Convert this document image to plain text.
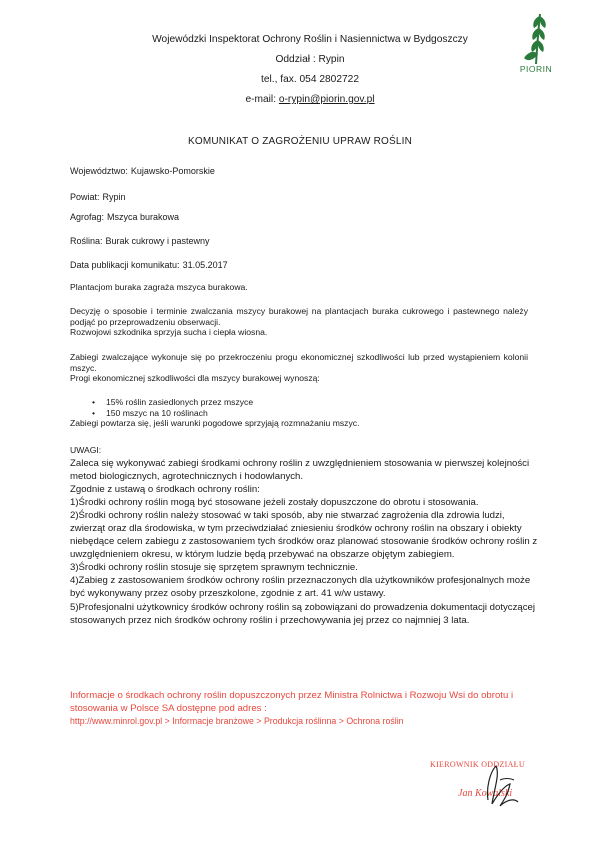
Wojewódzki Inspektorat Ochrony Roślin i Nasiennictwa w Bydgoszczy
Oddział : Rypin
tel., fax. 054 2802722
e-mail: o-rypin@piorin.gov.pl
PIORIN
KOMUNIKAT O ZAGROŻENIU UPRAW ROŚLIN
Województwo: Kujawsko-Pomorskie
Powiat: Rypin
Agrofag: Mszyca burakowa
Roślina: Burak cukrowy i pastewny
Data publikacji komunikatu: 31.05.2017

Plantacjom buraka zagraża mszyca burakowa.

Decyzję o sposobie i terminie zwalczania mszycy burakowej na plantacjach buraka cukrowego i pastewnego należy podjąć po przeprowadzeniu obserwacji.

Rozwojowi szkodnika sprzyja sucha i ciepła wiosna.

Zabiegi zwalczające wykonuje się po przekroczeniu progu ekonomicznej szkodliwości lub przed wystąpieniem kolonii mszyc.

Progi ekonomicznej szkodliwości dla mszycy burakowej wynoszą:

• 15% roślin zasiedlonych przez mszyce
• 150 mszyc na 10 roślinach

Zabiegi powtarza się, jeśli warunki pogodowe sprzyjają rozmnażaniu mszyc.

UWAGI:

Zaleca się wykonywać zabiegi środkami ochrony roślin z uwzględnieniem stosowania w pierwszej kolejności metod biologicznych, agrotechnicznych i hodowlanych.

Zgodnie z ustawą o środkach ochrony roślin:

1)Środki ochrony roślin mogą być stosowane jeżeli zostały dopuszczone do obrotu i stosowania.

2)Środki ochrony roślin należy stosować w taki sposób, aby nie stwarzać zagrożenia dla zdrowia ludzi, zwierząt oraz dla środowiska, w tym przeciwdziałać zniesieniu środków ochrony roślin na obszary i obiekty niebędące celem zabiegu z zastosowaniem tych środków oraz planować stosowanie środków ochrony roślin z uwzględnieniem okresu, w którym ludzie będą przebywać na obszarze objętym zabiegiem.

3)Środki ochrony roślin stosuje się sprzętem sprawnym technicznie.

4)Zabieg z zastosowaniem środków ochrony roślin przeznaczonych dla użytkowników profesjonalnych może być wykonywany przez osoby przeszkolone, zgodnie z art. 41 w/w ustawy.

5)Profesjonalni użytkownicy środków ochrony roślin są zobowiązani do prowadzenia dokumentacji dotyczącej stosowanych przez nich środków ochrony roślin i przechowywania jej przez co najmniej 3 lata.

Informacje o środkach ochrony roślin dopuszczonych przez Ministra Rolnictwa i Rozwoju Wsi do obrotu i stosowania w Polsce SA dostępne pod adres :

http://www.minrol.gov.pl > Informacje branżowe > Produkcja roślinna > Ochrona roślin

KIEROWNIK ODDZIAŁU
Jan Kowalski
